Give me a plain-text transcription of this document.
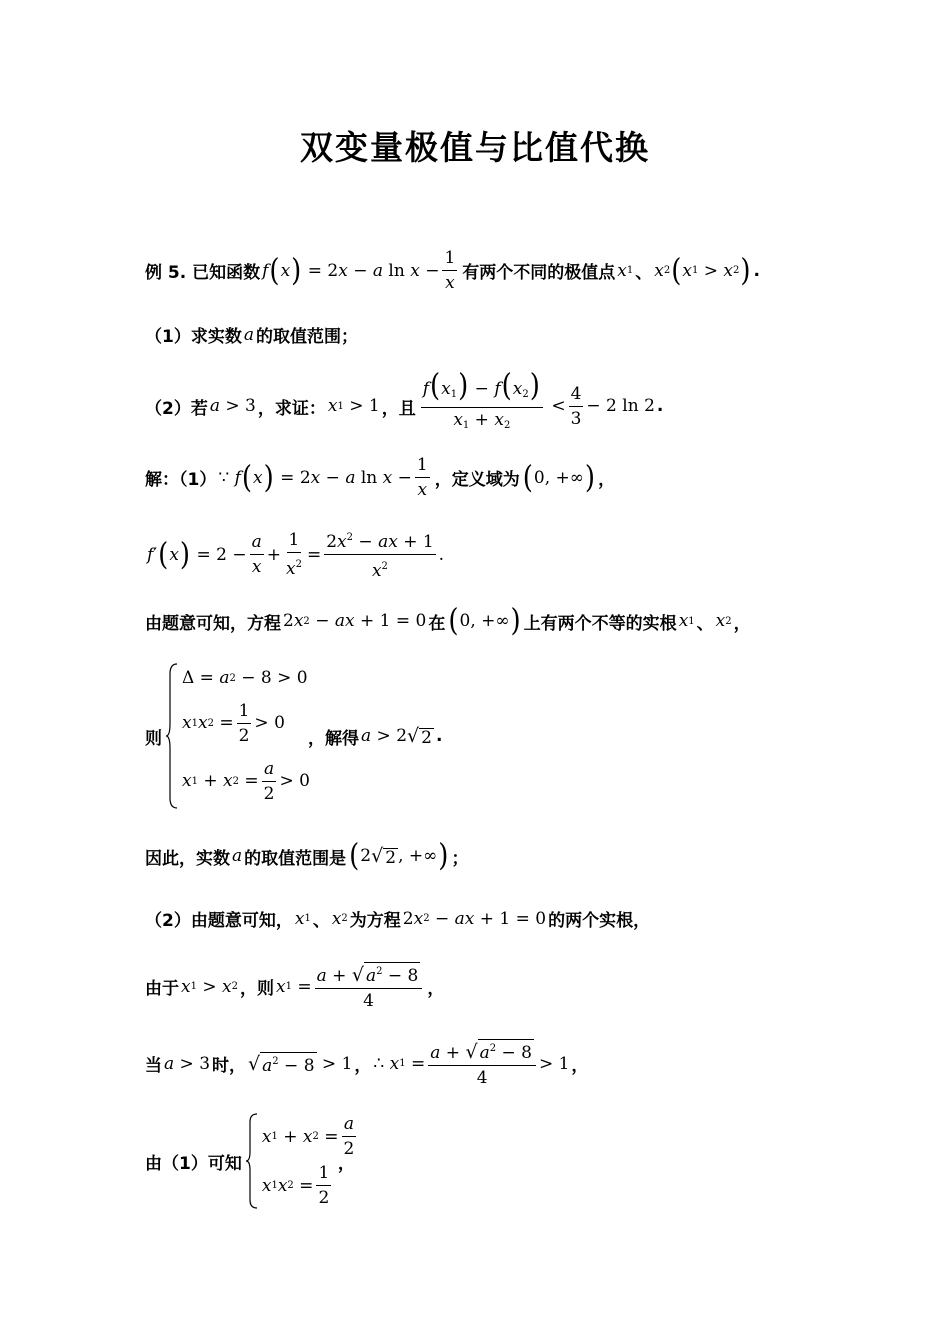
双变量极值与比值代换
例 5. 已知函数 f ( x ) = 2 x − a $\ln x - \frac{1}{x}$ 有两个不同的极值点 x 1 、 x 2 ( x 1 > x 2 ) .
（1）求实数 a 的取值范围；
（2）若 a > 3 ，求证： x 1 > 1 ，且 $\frac{f(x_1) - f(x_2)}{x_1 + x_2} < \frac{4}{3} - 2$ ln 2 .
解：（1） ∵ f ( x ) = 2 x − a $\ln x - \frac{1}{x}$ ，定义域为 ( 0, +∞ ) ，
f ′ ( x ) = $2 - \frac{a}{x} + \frac{1}{x^2} = \frac{2x^2 - ax + 1}{x^2}$ .
由题意可知，方程 2 x 2 − ax + 1 = 0 在 ( 0, +∞ ) 上有两个不等的实根 x 1 、 x 2 ，
则
Δ = a 2 − 8 > 0
x 1 x $2 = \frac{1}{2} > 0$
x 1 + x $2 = \frac{a}{2} > 0$
，解得 a > 2 √ 2 .
因此，实数 a 的取值范围是 ( 2 √ 2 , +∞ ) ；
（2）由题意可知， x 1 、 x 2 为方程 2 x 2 − ax + 1 = 0 的两个实根，
由于 x 1 > x 2 ，则 x $1 = \frac{a + √ a^2 - 8}{4}$ ，
当 a > 3 时， √ $a^2 - 8 > 1$ ， ∴ x $1 = \frac{a + √ a^2 - 8}{4} > 1$ ，
由（1）可知
x 1 + x $2 = \frac{a}{2}$
x 1 x $2 = \frac{1}{2}$ ，
